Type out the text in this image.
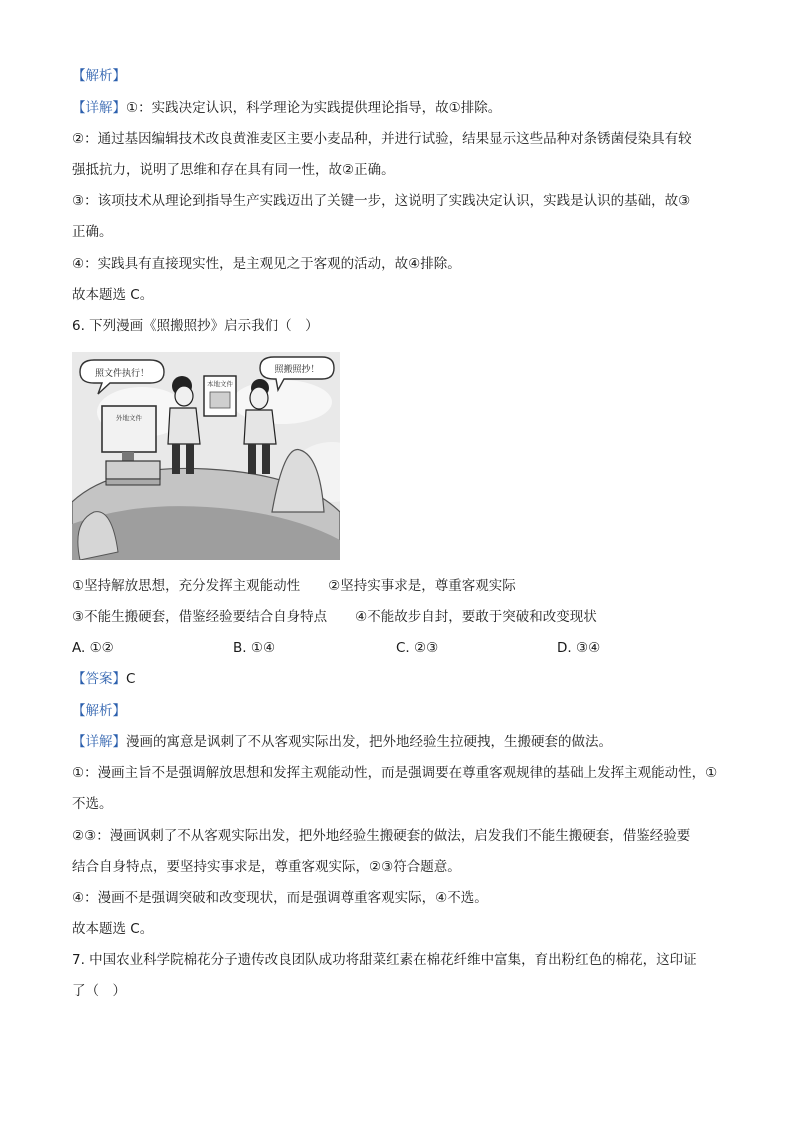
【解析】
【详解】①：实践决定认识，科学理论为实践提供理论指导，故①排除。
②：通过基因编辑技术改良黄淮麦区主要小麦品种，并进行试验，结果显示这些品种对条锈菌侵染具有较
强抵抗力，说明了思维和存在具有同一性，故②正确。
③：该项技术从理论到指导生产实践迈出了关键一步，这说明了实践决定认识，实践是认识的基础，故③
正确。
④：实践具有直接现实性，是主观见之于客观的活动，故④排除。
故本题选 C。
6. 下列漫画《照搬照抄》启示我们（　）
外地文件
照文件执行！	照搬照抄！
本地文件
①坚持解放思想，充分发挥主观能动性 ②坚持实事求是，尊重客观实际
③不能生搬硬套，借鉴经验要结合自身特点 ④不能故步自封，要敢于突破和改变现状
A. ①②	B. ①④	C. ②③	D. ③④
【答案】C
【解析】
【详解】漫画的寓意是讽刺了不从客观实际出发，把外地经验生拉硬拽，生搬硬套的做法。
①：漫画主旨不是强调解放思想和发挥主观能动性，而是强调要在尊重客观规律的基础上发挥主观能动性，①
不选。
②③：漫画讽刺了不从客观实际出发，把外地经验生搬硬套的做法，启发我们不能生搬硬套，借鉴经验要
结合自身特点，要坚持实事求是，尊重客观实际，②③符合题意。
④：漫画不是强调突破和改变现状，而是强调尊重客观实际，④不选。
故本题选 C。
7. 中国农业科学院棉花分子遗传改良团队成功将甜菜红素在棉花纤维中富集，育出粉红色的棉花，这印证
了（　）
